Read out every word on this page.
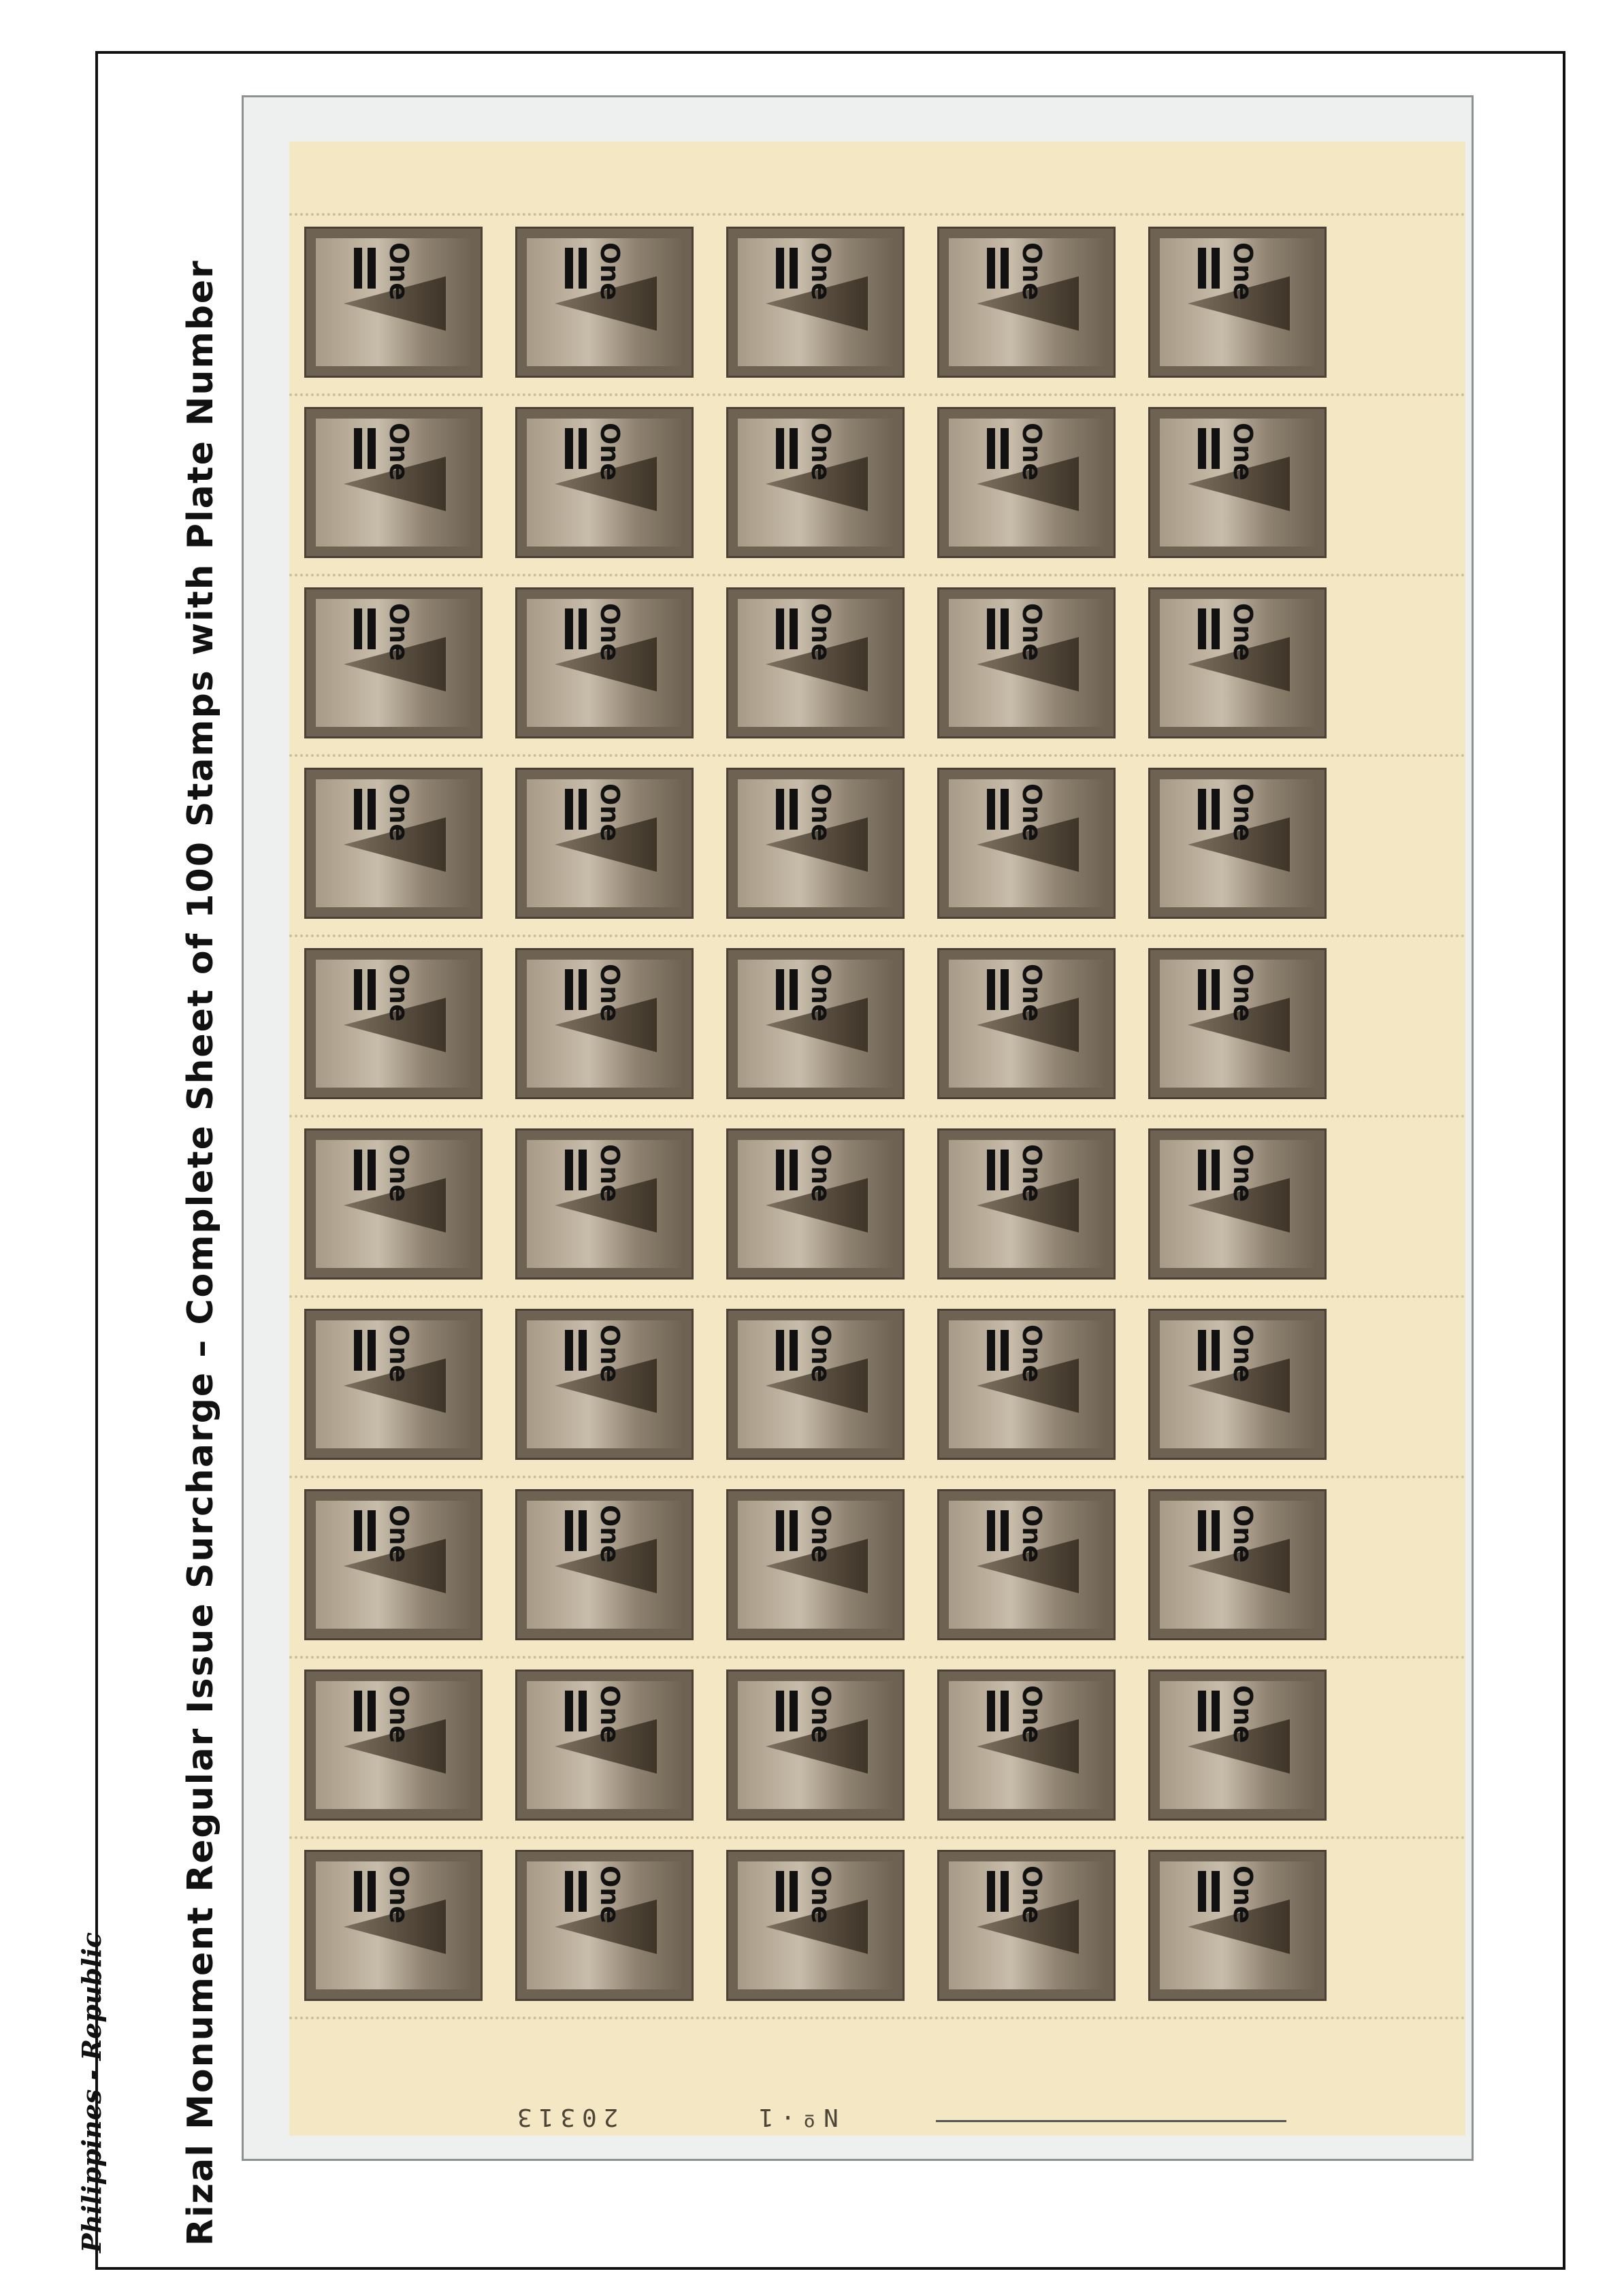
One	One	One	One	One
One	One	One	One	One
One	One	One	One	One
One	One	One	One	One
One	One	One	One	One
One	One	One	One	One
One	One	One	One	One
One	One	One	One	One
One	One	One	One	One
One	One	One	One	One
Rizal Monument Regular Issue Surcharge – Complete Sheet of 100 Stamps with Plate Number
Philippines - Republic	20313	Nº·1
